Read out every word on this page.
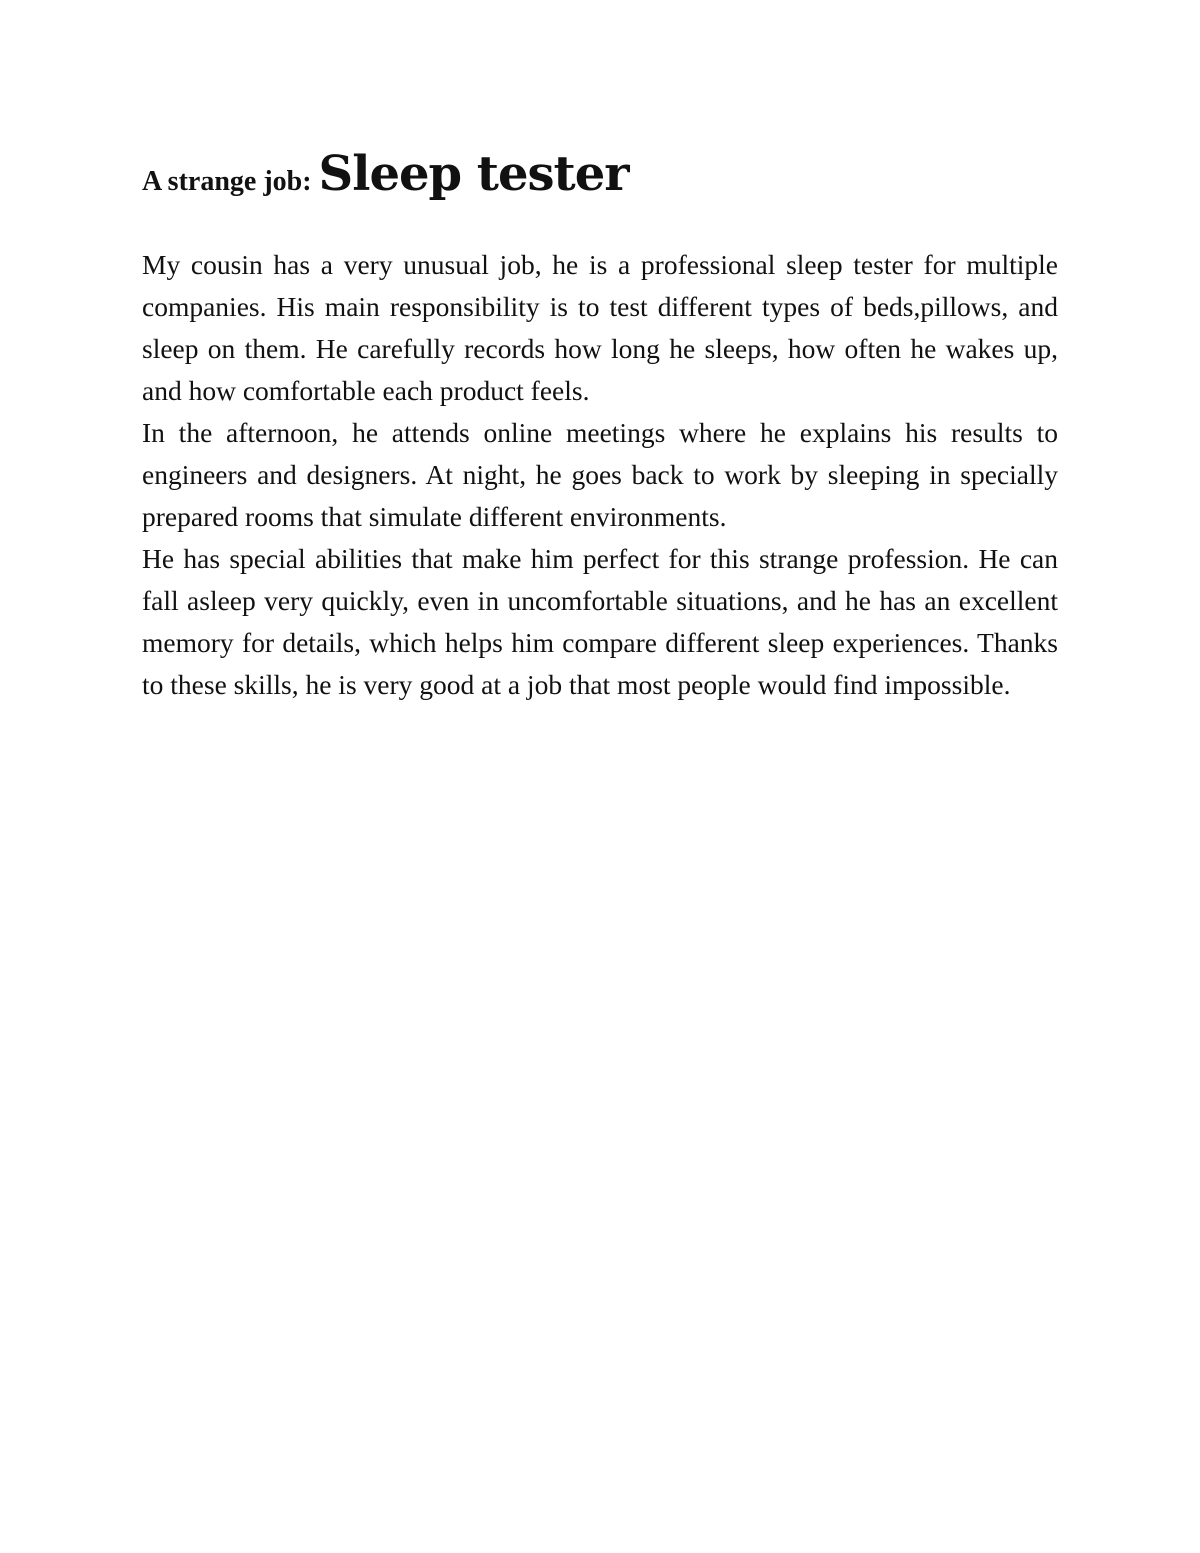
A strange job: Sleep tester

My cousin has a very unusual job, he is a professional sleep tester for multiple companies. His main responsibility is to test different types of beds,pillows, and sleep on them. He carefully records how long he sleeps, how often he wakes up, and how comfortable each product feels.

In the afternoon, he attends online meetings where he explains his results to engineers and designers. At night, he goes back to work by sleeping in specially prepared rooms that simulate different environments.

He has special abilities that make him perfect for this strange profession. He can fall asleep very quickly, even in uncomfortable situations, and he has an excellent memory for details, which helps him compare different sleep experiences. Thanks to these skills, he is very good at a job that most people would find impossible.
